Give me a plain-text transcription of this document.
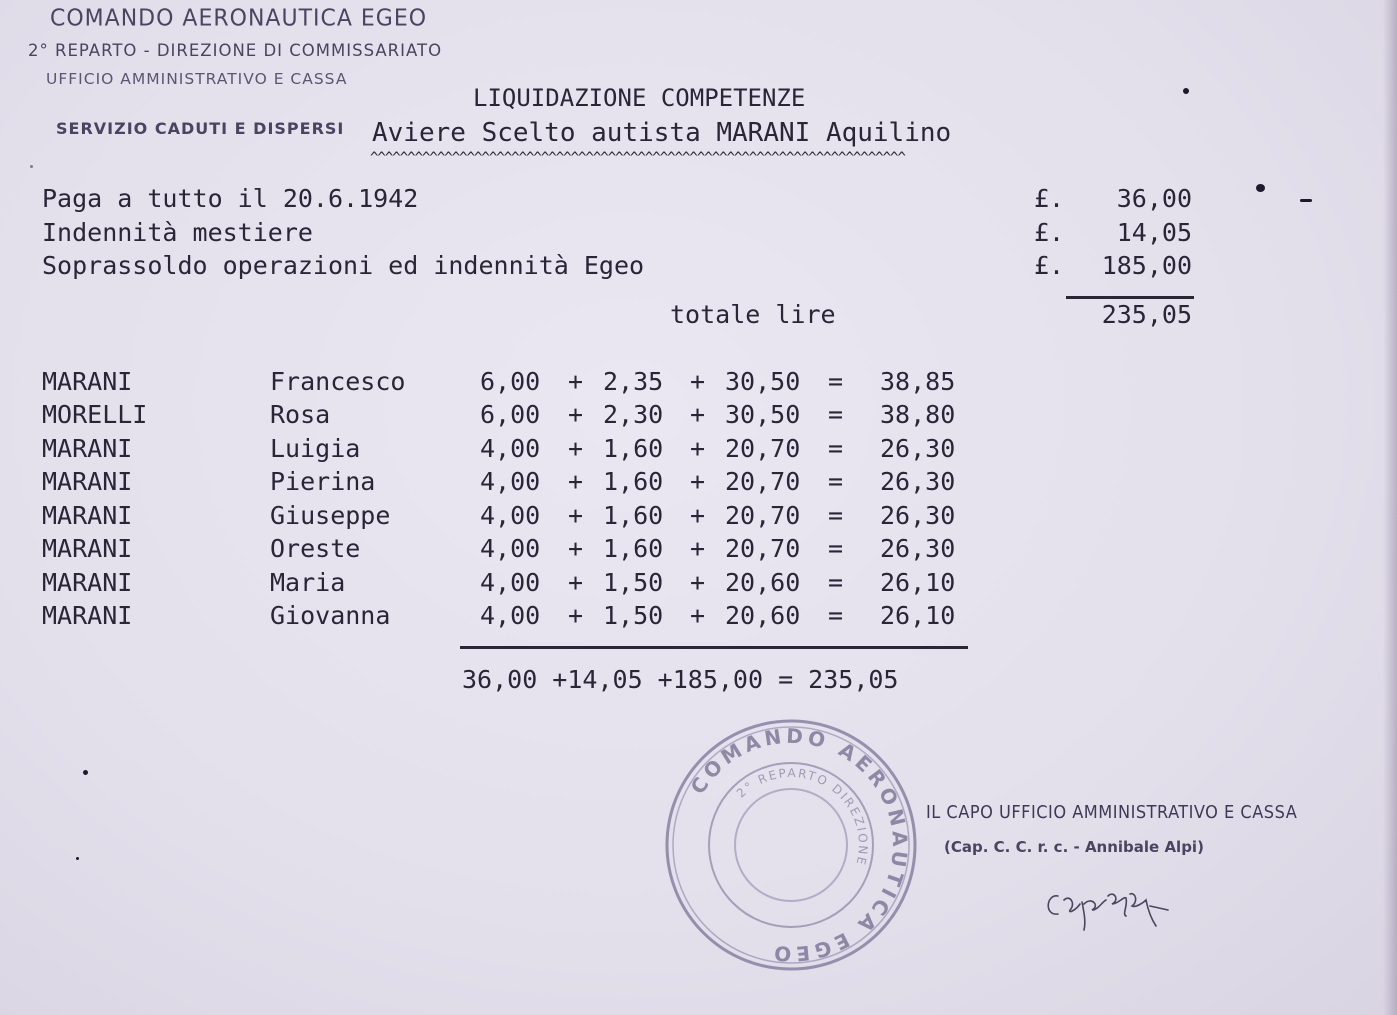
COMANDO AERONAUTICA EGEO
2° REPARTO - DIREZIONE DI COMMISSARIATO
UFFICIO AMMINISTRATIVO E CASSA
SERVIZIO CADUTI E DISPERSI
LIQUIDAZIONE COMPETENZE
Aviere Scelto autista MARANI Aquilino
^^^^^^^^^^^^^^^^^^^^^^^^^^^^^^^^^^^^^^^^^^^^^^^^^^^^^^^^^^^^^^^^^^^^^^^^
Paga a tutto il 20.6.1942	£. 36,00
Indennità mestiere	£. 14,05
Soprassoldo operazioni ed indennità Egeo	£. 185,00
totale lire	235,05
MARANI	Francesco	6,00 + 2,35 + 30,50 = 38,85
MORELLI	Rosa	6,00 + 2,30 + 30,50 = 38,80
MARANI	Luigia	4,00 + 1,60 + 20,70 = 26,30
MARANI	Pierina	4,00 + 1,60 + 20,70 = 26,30
MARANI	Giuseppe	4,00 + 1,60 + 20,70 = 26,30
MARANI	Oreste	4,00 + 1,60 + 20,70 = 26,30
MARANI	Maria	4,00 + 1,50 + 20,60 = 26,10
MARANI	Giovanna	4,00 + 1,50 + 20,60 = 26,10
36,00 +14,05 +185,00 = 235,05
COMANDO AERONAUTICA EGEO
2° REPARTO DIREZIONE
IL CAPO UFFICIO AMMINISTRATIVO E CASSA
(Cap. C. C. r. c. - Annibale Alpi)
